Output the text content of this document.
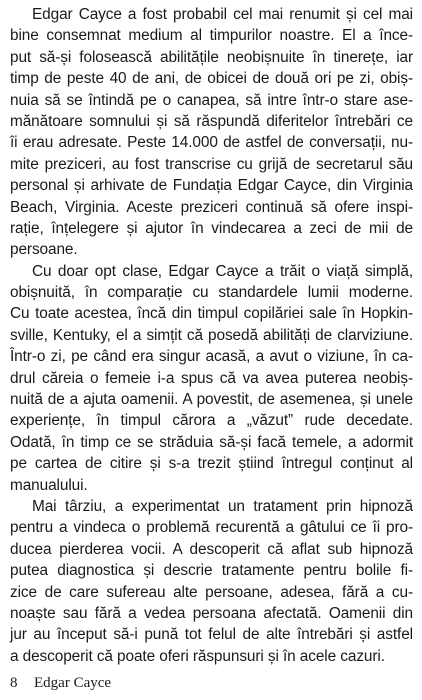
Edgar Cayce a fost probabil cel mai renumit și cel mai
bine consemnat medium al timpurilor noastre. El a înce-
put să-și folosească abilitățile neobișnuite în tinerețe, iar
timp de peste 40 de ani, de obicei de două ori pe zi, obiș-
nuia să se întindă pe o canapea, să intre într-o stare ase-
mănătoare somnului și să răspundă diferitelor întrebări ce
îi erau adresate. Peste 14.000 de astfel de conversații, nu-
mite preziceri, au fost transcrise cu grijă de secretarul său
personal și arhivate de Fundația Edgar Cayce, din Virginia
Beach, Virginia. Aceste preziceri continuă să ofere inspi-
rație, înțelegere și ajutor în vindecarea a zeci de mii de
persoane.

Cu doar opt clase, Edgar Cayce a trăit o viață simplă,
obișnuită, în comparație cu standardele lumii moderne.
Cu toate acestea, încă din timpul copilăriei sale în Hopkin-
sville, Kentuky, el a simțit că posedă abilități de clarviziune.
Într-o zi, pe când era singur acasă, a avut o viziune, în ca-
drul căreia o femeie i-a spus că va avea puterea neobiș-
nuită de a ajuta oamenii. A povestit, de asemenea, și unele
experiențe, în timpul cărora a „văzut” rude decedate.
Odată, în timp ce se străduia să-și facă temele, a adormit
pe cartea de citire și s-a trezit știind întregul conținut al
manualului.

Mai târziu, a experimentat un tratament prin hipnoză
pentru a vindeca o problemă recurentă a gâtului ce îi pro-
ducea pierderea vocii. A descoperit că aflat sub hipnoză
putea diagnostica și descrie tratamente pentru bolile fi-
zice de care sufereau alte persoane, adesea, fără a cu-
noaște sau fără a vedea persoana afectată. Oamenii din
jur au început să-i pună tot felul de alte întrebări și astfel
a descoperit că poate oferi răspunsuri și în acele cazuri.

8 Edgar Cayce
